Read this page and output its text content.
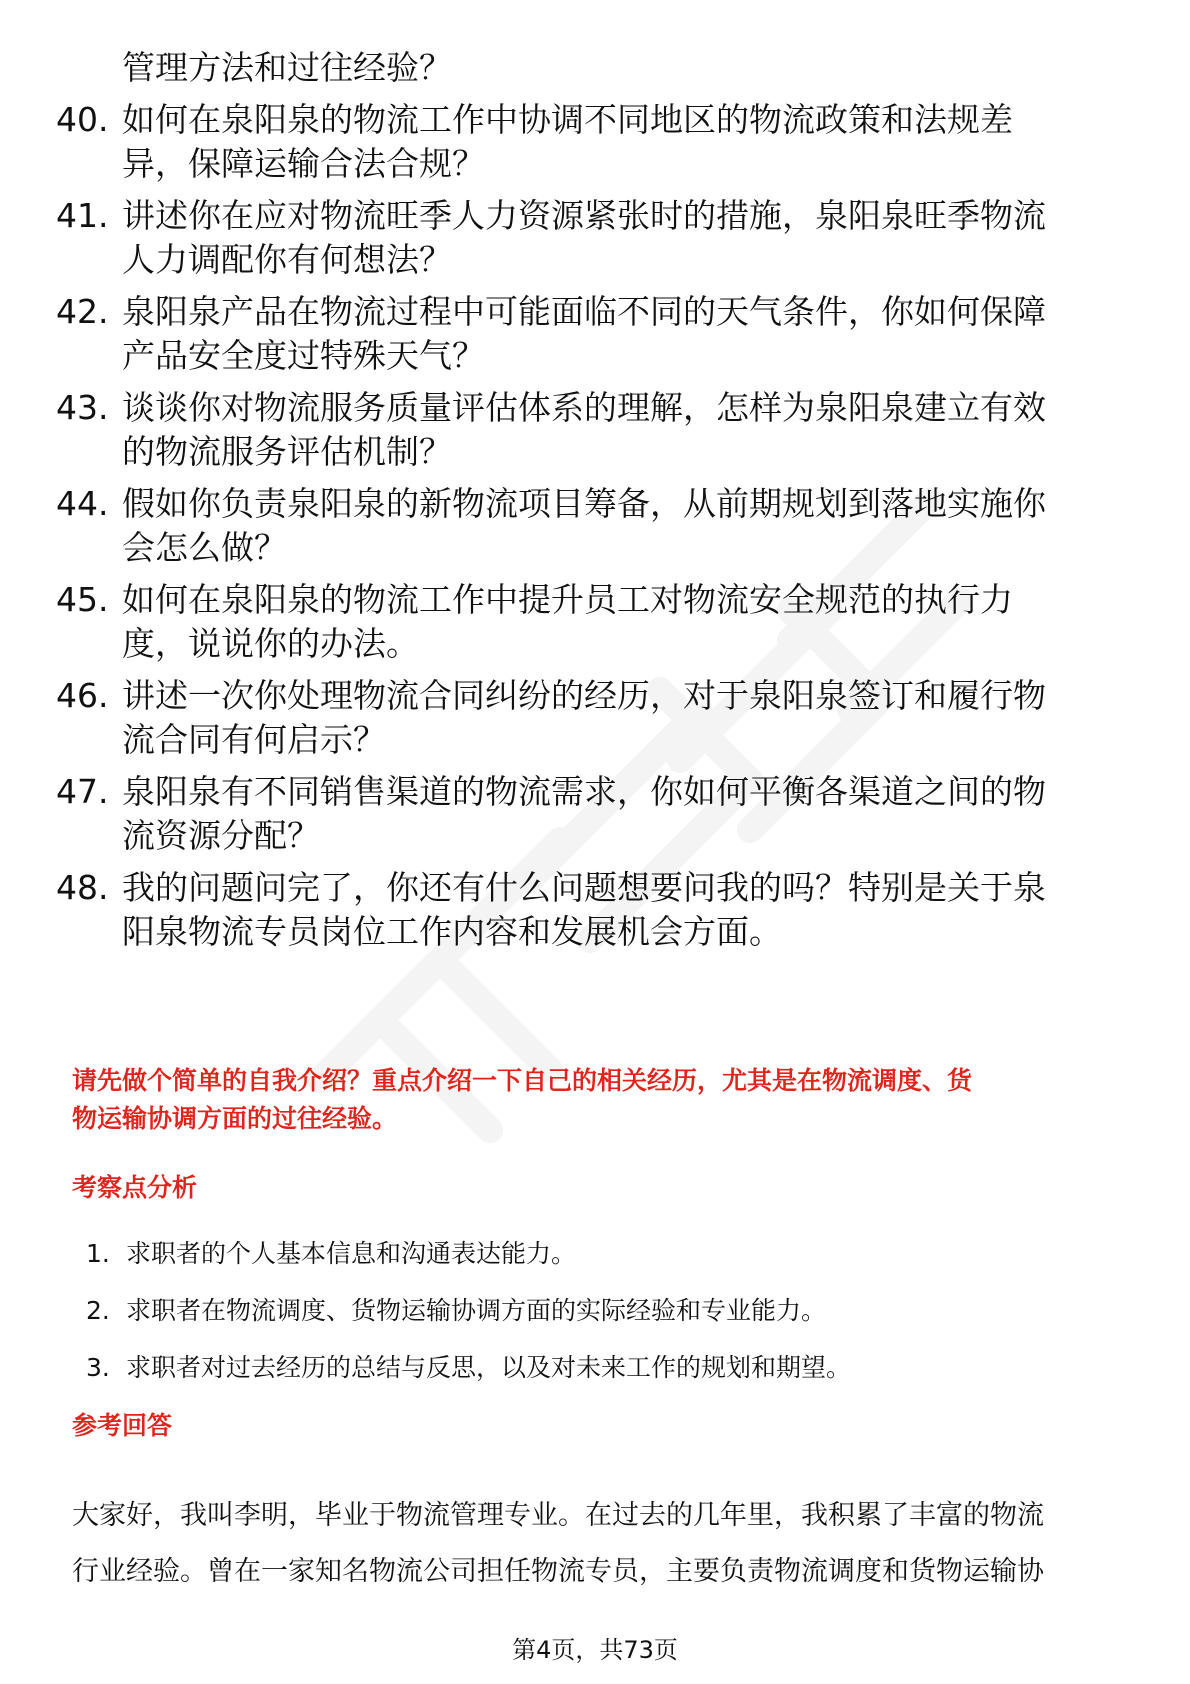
管理方法和过往经验？
40. 如何在泉阳泉的物流工作中协调不同地区的物流政策和法规差
异，保障运输合法合规？
41. 讲述你在应对物流旺季人力资源紧张时的措施，泉阳泉旺季物流
人力调配你有何想法？
42. 泉阳泉产品在物流过程中可能面临不同的天气条件，你如何保障
产品安全度过特殊天气？
43. 谈谈你对物流服务质量评估体系的理解，怎样为泉阳泉建立有效
的物流服务评估机制？
44. 假如你负责泉阳泉的新物流项目筹备，从前期规划到落地实施你
会怎么做？
45. 如何在泉阳泉的物流工作中提升员工对物流安全规范的执行力
度，说说你的办法。
46. 讲述一次你处理物流合同纠纷的经历，对于泉阳泉签订和履行物
流合同有何启示？
47. 泉阳泉有不同销售渠道的物流需求，你如何平衡各渠道之间的物
流资源分配？
48. 我的问题问完了，你还有什么问题想要问我的吗？特别是关于泉
阳泉物流专员岗位工作内容和发展机会方面。
请先做个简单的自我介绍？重点介绍一下自己的相关经历，尤其是在物流调度、货
物运输协调方面的过往经验。
考察点分析
1. 求职者的个人基本信息和沟通表达能力。
2. 求职者在物流调度、货物运输协调方面的实际经验和专业能力。
3. 求职者对过去经历的总结与反思，以及对未来工作的规划和期望。
参考回答
大家好，我叫李明，毕业于物流管理专业。在过去的几年里，我积累了丰富的物流
行业经验。曾在一家知名物流公司担任物流专员，主要负责物流调度和货物运输协
第4页，共73页
